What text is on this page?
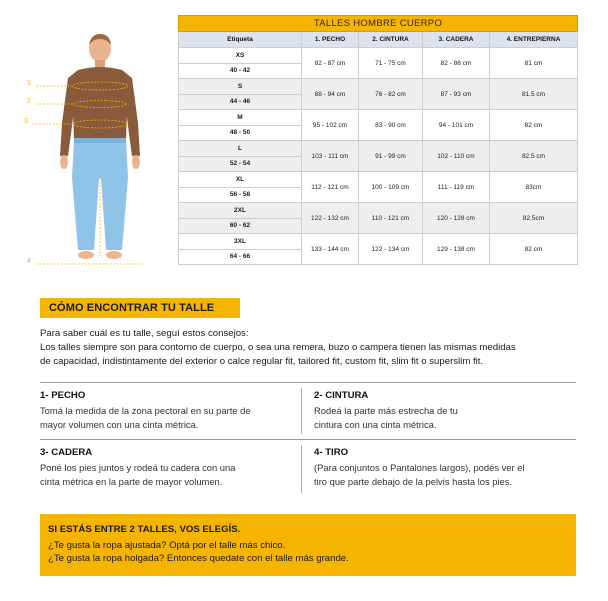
1
2
3
4
TALLES HOMBRE CUERPO				
Etiqueta	1. PECHO	2. CINTURA	3. CADERA	4. ENTREPIERNA
XS	82 - 87 cm	71 - 75 cm	82 - 86 cm	81 cm
40 - 42				
S	88 - 94 cm	76 - 82 cm	87 - 93 cm	81.5 cm
44 - 46				
M	95 - 102 cm	83 - 90 cm	94 - 101 cm	82 cm
48 - 50				
L	103 - 111 cm	91 - 99 cm	102 - 110 cm	82.5 cm
52 - 54				
XL	112 - 121 cm	100 - 109 cm	111 - 119 cm	83cm
56 - 58				
2XL	122 - 132 cm	110 - 121 cm	120 - 128 cm	82.5cm
60 - 62				
3XL	133 - 144 cm	122 - 134 cm	129 - 138 cm	82 cm
64 - 66				
CÓMO ENCONTRAR TU TALLE

Para saber cuál es tu talle, seguí estos consejos:

Los talles siempre son para contorno de cuerpo, o sea una remera, buzo o campera tienen las mismas medidas

de capacidad, indistintamente del exterior o calce regular fit, tailored fit, custom fit, slim fit o superslim fit.

1- PECHO
Tomá la medida de la zona pectoral en su parte de
mayor volumen con una cinta métrica.
2- CINTURA
Rodeá la parte más estrecha de tu
cintura con una cinta métrica.
3- CADERA
Poné los pies juntos y rodeá tu cadera con una
cinta métrica en la parte de mayor volumen.
4- TIRO
(Para conjuntos o Pantalones largos), podés ver el
tiro que parte debajo de la pelvis hasta los pies.
SI ESTÁS ENTRE 2 TALLES, VOS ELEGÍS.
¿Te gusta la ropa ajustada? Optá por el talle más chico.
¿Te gusta la ropa holgada? Entonces quedate con el talle más grande.
